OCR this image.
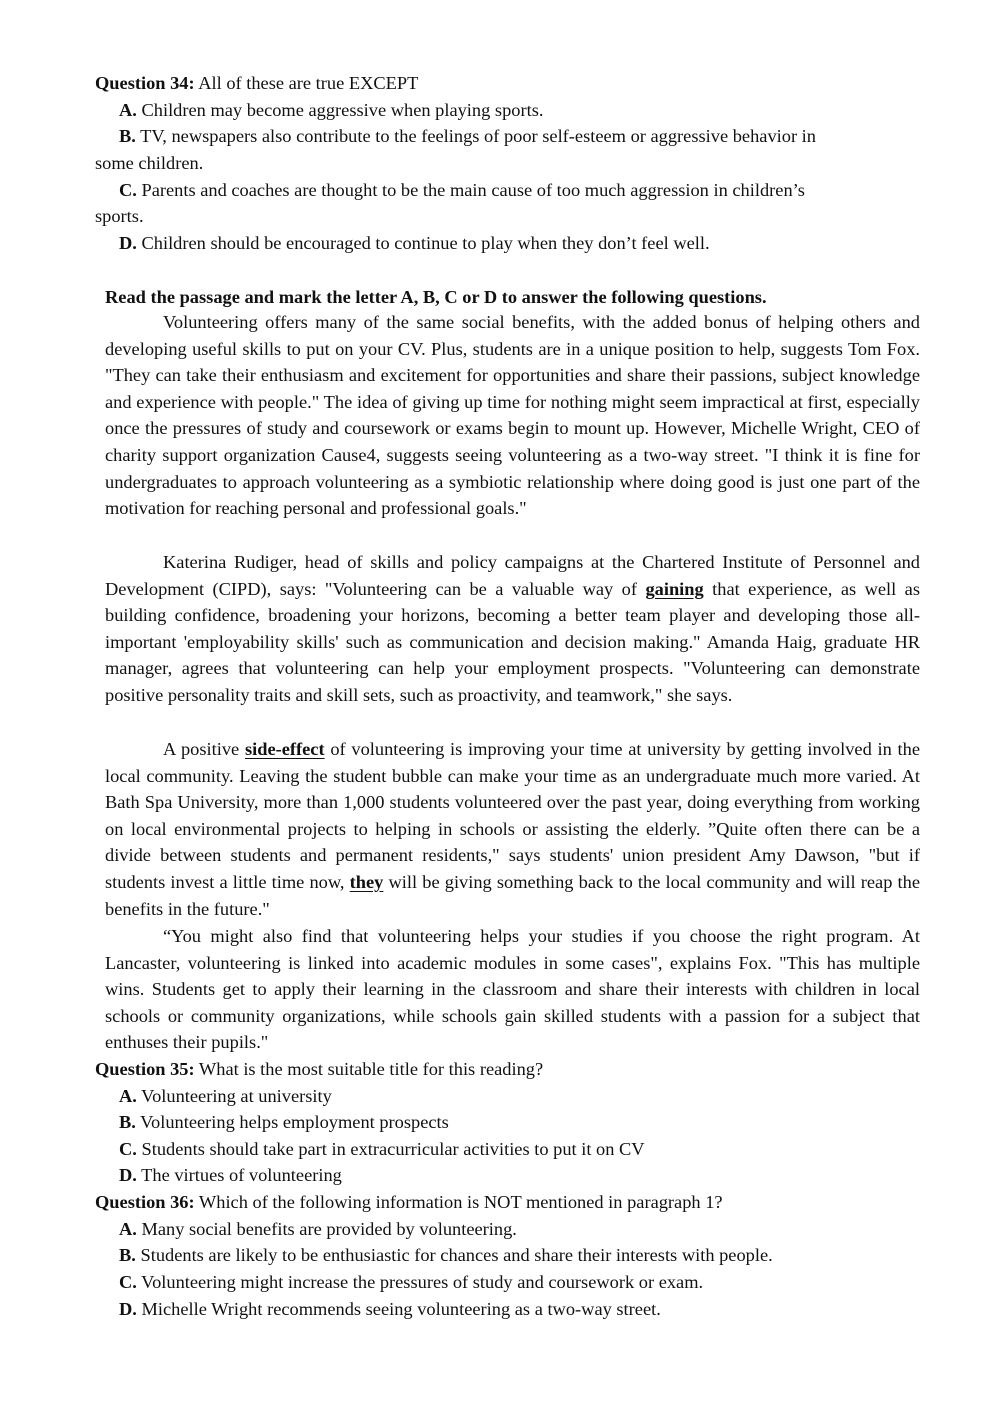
Question 34: All of these are true EXCEPT
A. Children may become aggressive when playing sports.
B. TV, newspapers also contribute to the feelings of poor self-esteem or aggressive behavior in
some children.
C. Parents and coaches are thought to be the main cause of too much aggression in children’s
sports.
D. Children should be encouraged to continue to play when they don’t feel well.
Read the passage and mark the letter A, B, C or D to answer the following questions.

Volunteering offers many of the same social benefits, with the added bonus of helping others and developing useful skills to put on your CV. Plus, students are in a unique position to help, suggests Tom Fox. "They can take their enthusiasm and excitement for opportunities and share their passions, subject knowledge and experience with people." The idea of giving up time for nothing might seem impractical at first, especially once the pressures of study and coursework or exams begin to mount up. However, Michelle Wright, CEO of charity support organization Cause4, suggests seeing volunteering as a two-way street. "I think it is fine for undergraduates to approach volunteering as a symbiotic relationship where doing good is just one part of the motivation for reaching personal and professional goals."

Katerina Rudiger, head of skills and policy campaigns at the Chartered Institute of Personnel and Development (CIPD), says: "Volunteering can be a valuable way of gaining that experience, as well as building confidence, broadening your horizons, becoming a better team player and developing those all- important 'employability skills' such as communication and decision making." Amanda Haig, graduate HR manager, agrees that volunteering can help your employment prospects. "Volunteering can demonstrate positive personality traits and skill sets, such as proactivity, and teamwork," she says.

A positive side-effect of volunteering is improving your time at university by getting involved in the local community. Leaving the student bubble can make your time as an undergraduate much more varied. At Bath Spa University, more than 1,000 students volunteered over the past year, doing everything from working on local environmental projects to helping in schools or assisting the elderly. ”Quite often there can be a divide between students and permanent residents," says students' union president Amy Dawson, "but if students invest a little time now, they will be giving something back to the local community and will reap the benefits in the future."

“You might also find that volunteering helps your studies if you choose the right program. At Lancaster, volunteering is linked into academic modules in some cases", explains Fox. "This has multiple wins. Students get to apply their learning in the classroom and share their interests with children in local schools or community organizations, while schools gain skilled students with a passion for a subject that enthuses their pupils."

Question 35: What is the most suitable title for this reading?
A. Volunteering at university
B. Volunteering helps employment prospects
C. Students should take part in extracurricular activities to put it on CV
D. The virtues of volunteering
Question 36: Which of the following information is NOT mentioned in paragraph 1?
A. Many social benefits are provided by volunteering.
B. Students are likely to be enthusiastic for chances and share their interests with people.
C. Volunteering might increase the pressures of study and coursework or exam.
D. Michelle Wright recommends seeing volunteering as a two-way street.
